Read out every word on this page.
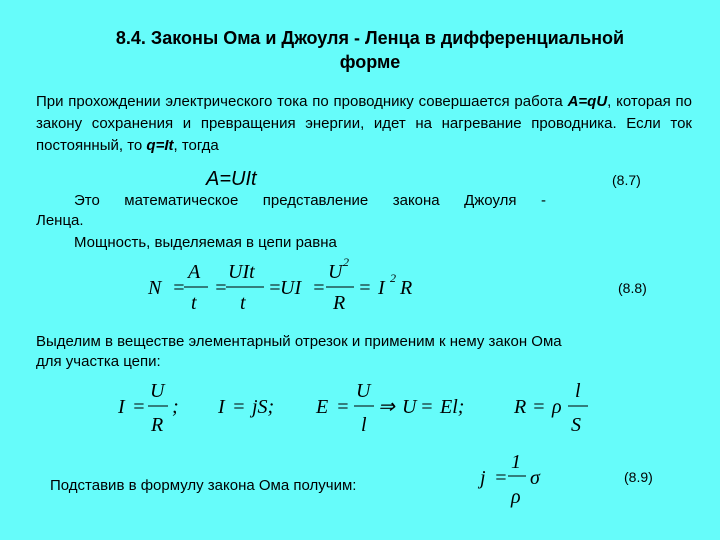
8.4. Законы Ома и Джоуля - Ленца в дифференциальной
форме
При прохождении электрического тока по проводнику совершается работа A=qU, которая по закону сохранения и превращения энергии, идет на нагревание проводника. Если ток постоянный, то q=It, тогда
A=UIt	(8.7)
Это математическое представление закона Джоуля -
Ленца.
Мощность, выделяемая в цепи равна
N =
A
t
=
UIt
t
=
UI =
U 2
R
= I 2 R	(8.8)
Выделим в веществе элементарный отрезок и применим к нему закон Ома
для участка цепи:
I =
U
R
; I = jS; E =
U
l
⇒ U = El; R = ρ
l
S
Подставив в формулу закона Ома получим:	j =
1
ρ
σ	(8.9)
